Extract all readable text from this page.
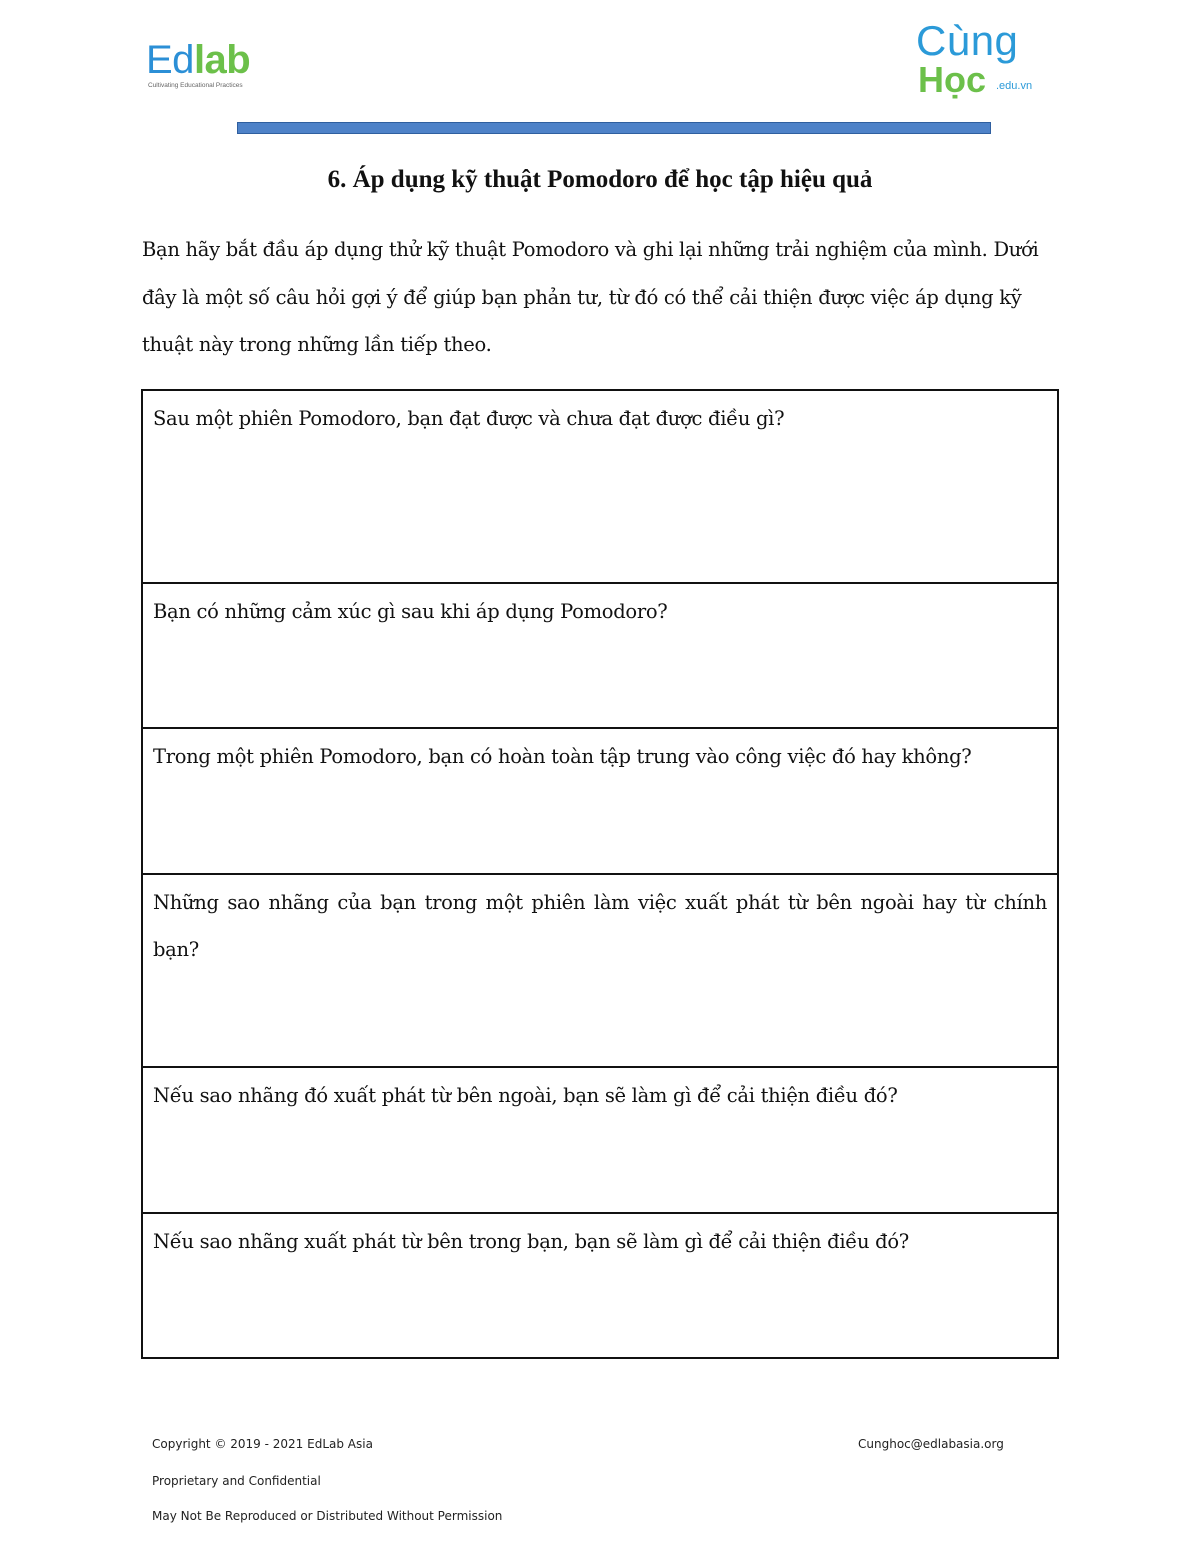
Edlab
Cultivating Educational Practices
Cùng
Học .edu.vn
6. Áp dụng kỹ thuật Pomodoro để học tập hiệu quả

Bạn hãy bắt đầu áp dụng thử kỹ thuật Pomodoro và ghi lại những trải nghiệm của mình. Dưới đây là một số câu hỏi gợi ý để giúp bạn phản tư, từ đó có thể cải thiện được việc áp dụng kỹ thuật này trong những lần tiếp theo.

Sau một phiên Pomodoro, bạn đạt được và chưa đạt được điều gì?

Bạn có những cảm xúc gì sau khi áp dụng Pomodoro?

Trong một phiên Pomodoro, bạn có hoàn toàn tập trung vào công việc đó hay không?

Những sao nhãng của bạn trong một phiên làm việc xuất phát từ bên ngoài hay từ chính bạn?

Nếu sao nhãng đó xuất phát từ bên ngoài, bạn sẽ làm gì để cải thiện điều đó?

Nếu sao nhãng xuất phát từ bên trong bạn, bạn sẽ làm gì để cải thiện điều đó?
Copyright © 2019 - 2021 EdLab Asia	Cunghoc@edlabasia.org
Proprietary and Confidential
May Not Be Reproduced or Distributed Without Permission
